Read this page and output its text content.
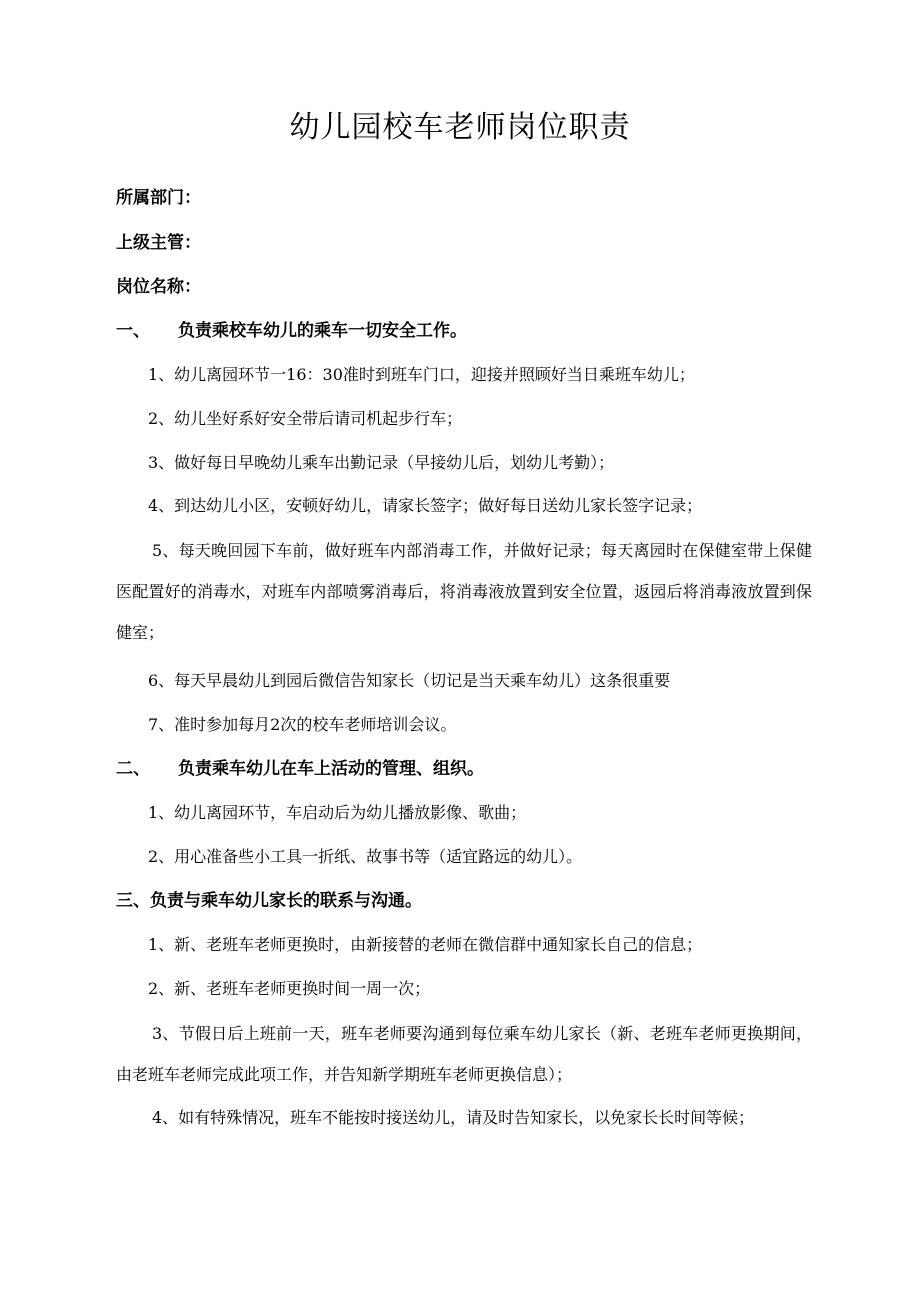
幼儿园校车老师岗位职责

所属部门：

上级主管：

岗位名称：

一、 负责乘校车幼儿的乘车一切安全工作。

1、幼儿离园环节一16：30准时到班车门口，迎接并照顾好当日乘班车幼儿；

2、幼儿坐好系好安全带后请司机起步行车；

3、做好每日早晚幼儿乘车出勤记录（早接幼儿后，划幼儿考勤）；

4、到达幼儿小区，安顿好幼儿，请家长签字；做好每日送幼儿家长签字记录；

5、每天晚回园下车前，做好班车内部消毒工作，并做好记录；每天离园时在保健室带上保健医配置好的消毒水，对班车内部喷雾消毒后，将消毒液放置到安全位置，返园后将消毒液放置到保健室；

6、每天早晨幼儿到园后微信告知家长（切记是当天乘车幼儿）这条很重要

7、准时参加每月2次的校车老师培训会议。

二、 负责乘车幼儿在车上活动的管理、组织。

1、幼儿离园环节，车启动后为幼儿播放影像、歌曲；

2、用心准备些小工具一折纸、故事书等（适宜路远的幼儿）。

三、负责与乘车幼儿家长的联系与沟通。

1、新、老班车老师更换时，由新接替的老师在微信群中通知家长自己的信息；

2、新、老班车老师更换时间一周一次；

3、节假日后上班前一天，班车老师要沟通到每位乘车幼儿家长（新、老班车老师更换期间，由老班车老师完成此项工作，并告知新学期班车老师更换信息）；

4、如有特殊情况，班车不能按时接送幼儿，请及时告知家长，以免家长长时间等候；
